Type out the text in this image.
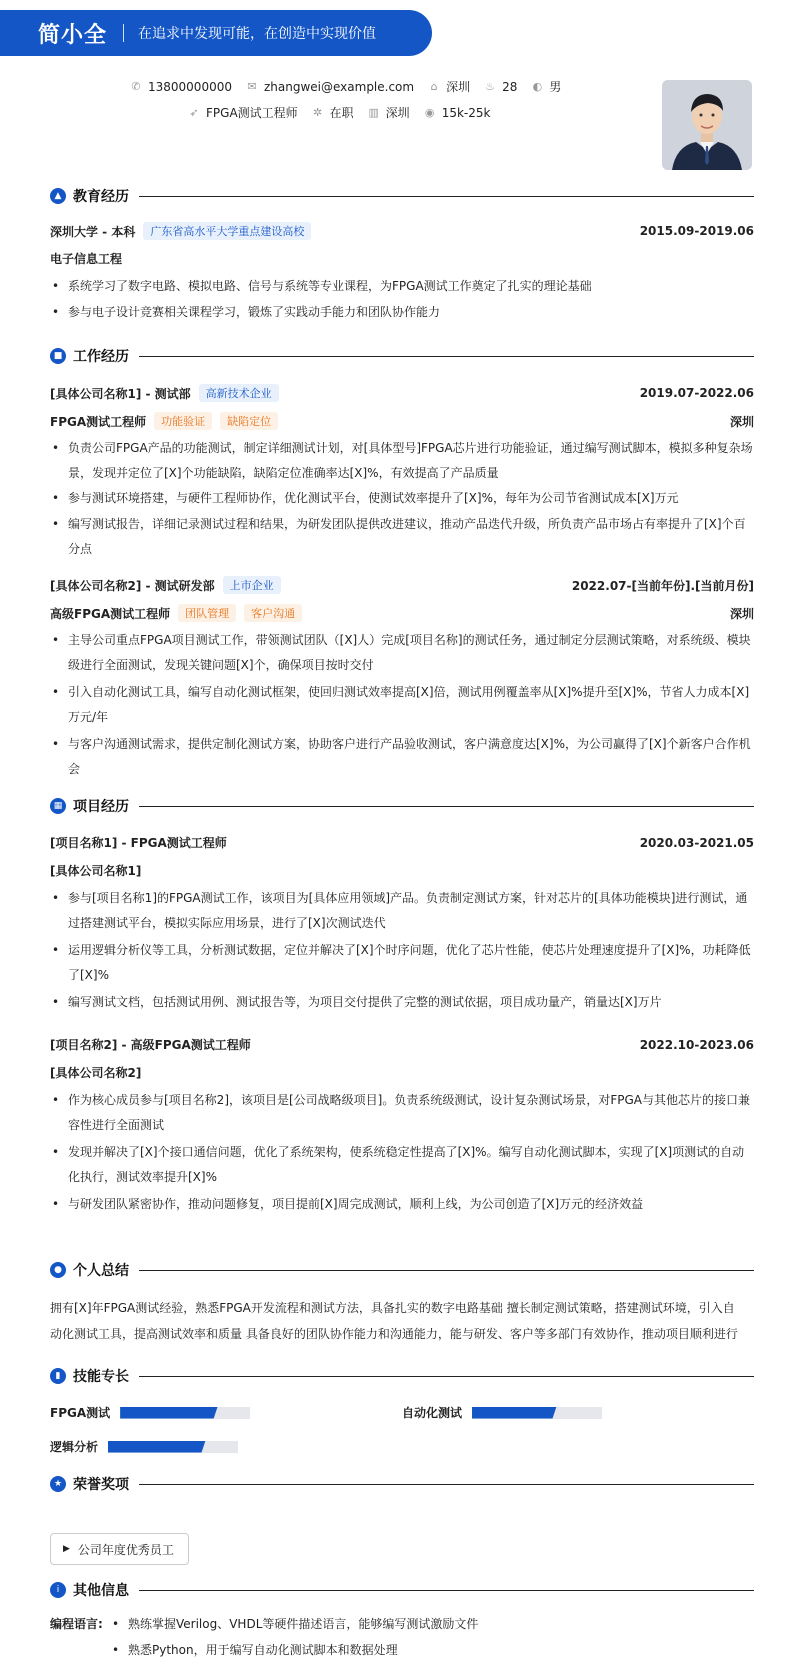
简小全 在追求中发现可能，在创造中实现价值
✆ 13800000000 ✉ zhangwei@example.com ⌂ 深圳 ♨ 28 ◐ 男
➶ FPGA测试工程师 ✲ 在职 ▥ 深圳 ◉ 15k-25k
▲ 教育经历
深圳大学 - 本科	广东省高水平大学重点建设高校	2015.09-2019.06
电子信息工程
• 系统学习了数字电路、模拟电路、信号与系统等专业课程，为FPGA测试工作奠定了扎实的理论基础
• 参与电子设计竞赛相关课程学习，锻炼了实践动手能力和团队协作能力
■ 工作经历
[具体公司名称1] - 测试部	高新技术企业	2019.07-2022.06
FPGA测试工程师	功能验证	缺陷定位	深圳
• 负责公司FPGA产品的功能测试，制定详细测试计划，对[具体型号]FPGA芯片进行功能验证，通过编写测试脚本，模拟多种复杂场景，发现并定位了[X]个功能缺陷，缺陷定位准确率达[X]%，有效提高了产品质量
• 参与测试环境搭建，与硬件工程师协作，优化测试平台，使测试效率提升了[X]%，每年为公司节省测试成本[X]万元
• 编写测试报告，详细记录测试过程和结果，为研发团队提供改进建议，推动产品迭代升级，所负责产品市场占有率提升了[X]个百分点
[具体公司名称2] - 测试研发部	上市企业	2022.07-[当前年份].[当前月份]
高级FPGA测试工程师	团队管理	客户沟通	深圳
• 主导公司重点FPGA项目测试工作，带领测试团队（[X]人）完成[项目名称]的测试任务，通过制定分层测试策略，对系统级、模块级进行全面测试，发现关键问题[X]个，确保项目按时交付
• 引入自动化测试工具，编写自动化测试框架，使回归测试效率提高[X]倍，测试用例覆盖率从[X]%提升至[X]%，节省人力成本[X]万元/年
• 与客户沟通测试需求，提供定制化测试方案，协助客户进行产品验收测试，客户满意度达[X]%，为公司赢得了[X]个新客户合作机会
▦ 项目经历
[项目名称1] - FPGA测试工程师	2020.03-2021.05
[具体公司名称1]
• 参与[项目名称1]的FPGA测试工作，该项目为[具体应用领域]产品。负责制定测试方案，针对芯片的[具体功能模块]进行测试，通过搭建测试平台，模拟实际应用场景，进行了[X]次测试迭代
• 运用逻辑分析仪等工具，分析测试数据，定位并解决了[X]个时序问题，优化了芯片性能，使芯片处理速度提升了[X]%，功耗降低了[X]%
• 编写测试文档，包括测试用例、测试报告等，为项目交付提供了完整的测试依据，项目成功量产，销量达[X]万片
[项目名称2] - 高级FPGA测试工程师	2022.10-2023.06
[具体公司名称2]
• 作为核心成员参与[项目名称2]，该项目是[公司战略级项目]。负责系统级测试，设计复杂测试场景，对FPGA与其他芯片的接口兼容性进行全面测试
• 发现并解决了[X]个接口通信问题，优化了系统架构，使系统稳定性提高了[X]%。编写自动化测试脚本，实现了[X]项测试的自动化执行，测试效率提升[X]%
• 与研发团队紧密协作，推动问题修复，项目提前[X]周完成测试，顺利上线，为公司创造了[X]万元的经济效益
● 个人总结
拥有[X]年FPGA测试经验，熟悉FPGA开发流程和测试方法，具备扎实的数字电路基础 擅长制定测试策略，搭建测试环境，引入自
动化测试工具，提高测试效率和质量 具备良好的团队协作能力和沟通能力，能与研发、客户等多部门有效协作，推动项目顺利进行
▮ 技能专长
FPGA测试	自动化测试
逻辑分析
★ 荣誉奖项
▶ 公司年度优秀员工
i 其他信息
编程语言:
•	熟练掌握Verilog、VHDL等硬件描述语言，能够编写测试激励文件
• 熟悉Python，用于编写自动化测试脚本和数据处理
